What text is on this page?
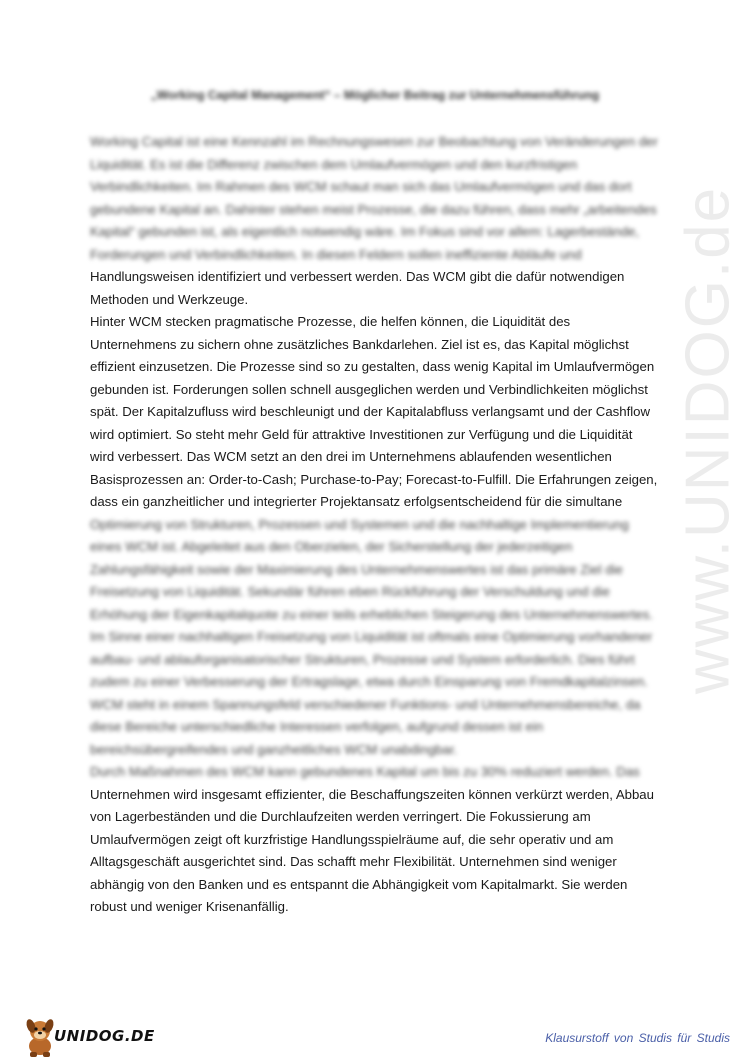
www.UNIDOG.de
„Working Capital Management“ – Möglicher Beitrag zur Unternehmensführung
Working Capital ist eine Kennzahl im Rechnungswesen zur Beobachtung von Veränderungen der
Liquidität. Es ist die Differenz zwischen dem Umlaufvermögen und den kurzfristigen
Verbindlichkeiten. Im Rahmen des WCM schaut man sich das Umlaufvermögen und das dort
gebundene Kapital an. Dahinter stehen meist Prozesse, die dazu führen, dass mehr „arbeitendes
Kapital“ gebunden ist, als eigentlich notwendig wäre. Im Fokus sind vor allem: Lagerbestände,
Forderungen und Verbindlichkeiten. In diesen Feldern sollen ineffiziente Abläufe und
Handlungsweisen identifiziert und verbessert werden. Das WCM gibt die dafür notwendigen
Methoden und Werkzeuge.
Hinter WCM stecken pragmatische Prozesse, die helfen können, die Liquidität des
Unternehmens zu sichern ohne zusätzliches Bankdarlehen. Ziel ist es, das Kapital möglichst
effizient einzusetzen. Die Prozesse sind so zu gestalten, dass wenig Kapital im Umlaufvermögen
gebunden ist. Forderungen sollen schnell ausgeglichen werden und Verbindlichkeiten möglichst
spät. Der Kapitalzufluss wird beschleunigt und der Kapitalabfluss verlangsamt und der Cashflow
wird optimiert. So steht mehr Geld für attraktive Investitionen zur Verfügung und die Liquidität
wird verbessert. Das WCM setzt an den drei im Unternehmens ablaufenden wesentlichen
Basisprozessen an: Order-to-Cash; Purchase-to-Pay; Forecast-to-Fulfill. Die Erfahrungen zeigen,
dass ein ganzheitlicher und integrierter Projektansatz erfolgsentscheidend für die simultane
Optimierung von Strukturen, Prozessen und Systemen und die nachhaltige Implementierung
eines WCM ist. Abgeleitet aus den Oberzielen, der Sicherstellung der jederzeitigen
Zahlungsfähigkeit sowie der Maximierung des Unternehmenswertes ist das primäre Ziel die
Freisetzung von Liquidität. Sekundär führen eben Rückführung der Verschuldung und die
Erhöhung der Eigenkapitalquote zu einer teils erheblichen Steigerung des Unternehmenswertes.
Im Sinne einer nachhaltigen Freisetzung von Liquidität ist oftmals eine Optimierung vorhandener
aufbau- und ablauforganisatorischer Strukturen, Prozesse und System erforderlich. Dies führt
zudem zu einer Verbesserung der Ertragslage, etwa durch Einsparung von Fremdkapitalzinsen.
WCM steht in einem Spannungsfeld verschiedener Funktions- und Unternehmensbereiche, da
diese Bereiche unterschiedliche Interessen verfolgen, aufgrund dessen ist ein
bereichsübergreifendes und ganzheitliches WCM unabdingbar.
Durch Maßnahmen des WCM kann gebundenes Kapital um bis zu 30% reduziert werden. Das
Unternehmen wird insgesamt effizienter, die Beschaffungszeiten können verkürzt werden, Abbau
von Lagerbeständen und die Durchlaufzeiten werden verringert. Die Fokussierung am
Umlaufvermögen zeigt oft kurzfristige Handlungsspielräume auf, die sehr operativ und am
Alltagsgeschäft ausgerichtet sind. Das schafft mehr Flexibilität. Unternehmen sind weniger
abhängig von den Banken und es entspannt die Abhängigkeit vom Kapitalmarkt. Sie werden
robust und weniger Krisenanfällig.
UNIDOG.DE	Klausurstoff von Studis für Studis
